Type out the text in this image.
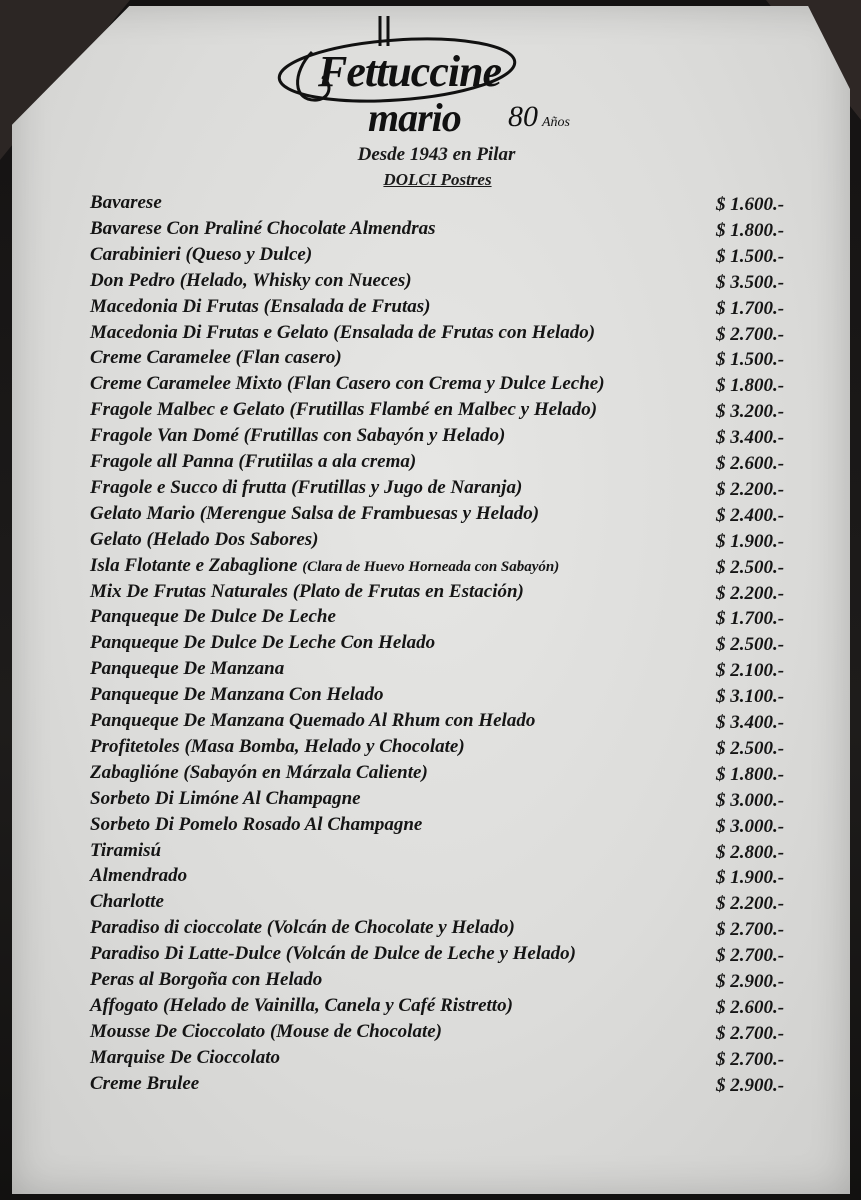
Fettuccine
mario 80 Años
Desde 1943 en Pilar
DOLCI Postres
Bavarese	$ 1.600.-
Bavarese Con Praliné Chocolate Almendras	$ 1.800.-
Carabinieri (Queso y Dulce)	$ 1.500.-
Don Pedro (Helado, Whisky con Nueces)	$ 3.500.-
Macedonia Di Frutas (Ensalada de Frutas)	$ 1.700.-
Macedonia Di Frutas e Gelato (Ensalada de Frutas con Helado)	$ 2.700.-
Creme Caramelee (Flan casero)	$ 1.500.-
Creme Caramelee Mixto (Flan Casero con Crema y Dulce Leche)	$ 1.800.-
Fragole Malbec e Gelato (Frutillas Flambé en Malbec y Helado)	$ 3.200.-
Fragole Van Domé (Frutillas con Sabayón y Helado)	$ 3.400.-
Fragole all Panna (Frutiilas a ala crema)	$ 2.600.-
Fragole e Succo di frutta (Frutillas y Jugo de Naranja)	$ 2.200.-
Gelato Mario (Merengue Salsa de Frambuesas y Helado)	$ 2.400.-
Gelato (Helado Dos Sabores)	$ 1.900.-
Isla Flotante e Zabaglione (Clara de Huevo Horneada con Sabayón)	$ 2.500.-
Mix De Frutas Naturales (Plato de Frutas en Estación)	$ 2.200.-
Panqueque De Dulce De Leche	$ 1.700.-
Panqueque De Dulce De Leche Con Helado	$ 2.500.-
Panqueque De Manzana	$ 2.100.-
Panqueque De Manzana Con Helado	$ 3.100.-
Panqueque De Manzana Quemado Al Rhum con Helado	$ 3.400.-
Profitetoles (Masa Bomba, Helado y Chocolate)	$ 2.500.-
Zabaglióne (Sabayón en Márzala Caliente)	$ 1.800.-
Sorbeto Di Limóne Al Champagne	$ 3.000.-
Sorbeto Di Pomelo Rosado Al Champagne	$ 3.000.-
Tiramisú	$ 2.800.-
Almendrado	$ 1.900.-
Charlotte	$ 2.200.-
Paradiso di cioccolate (Volcán de Chocolate y Helado)	$ 2.700.-
Paradiso Di Latte-Dulce (Volcán de Dulce de Leche y Helado)	$ 2.700.-
Peras al Borgoña con Helado	$ 2.900.-
Affogato (Helado de Vainilla, Canela y Café Ristretto)	$ 2.600.-
Mousse De Cioccolato (Mouse de Chocolate)	$ 2.700.-
Marquise De Cioccolato	$ 2.700.-
Creme Brulee	$ 2.900.-
